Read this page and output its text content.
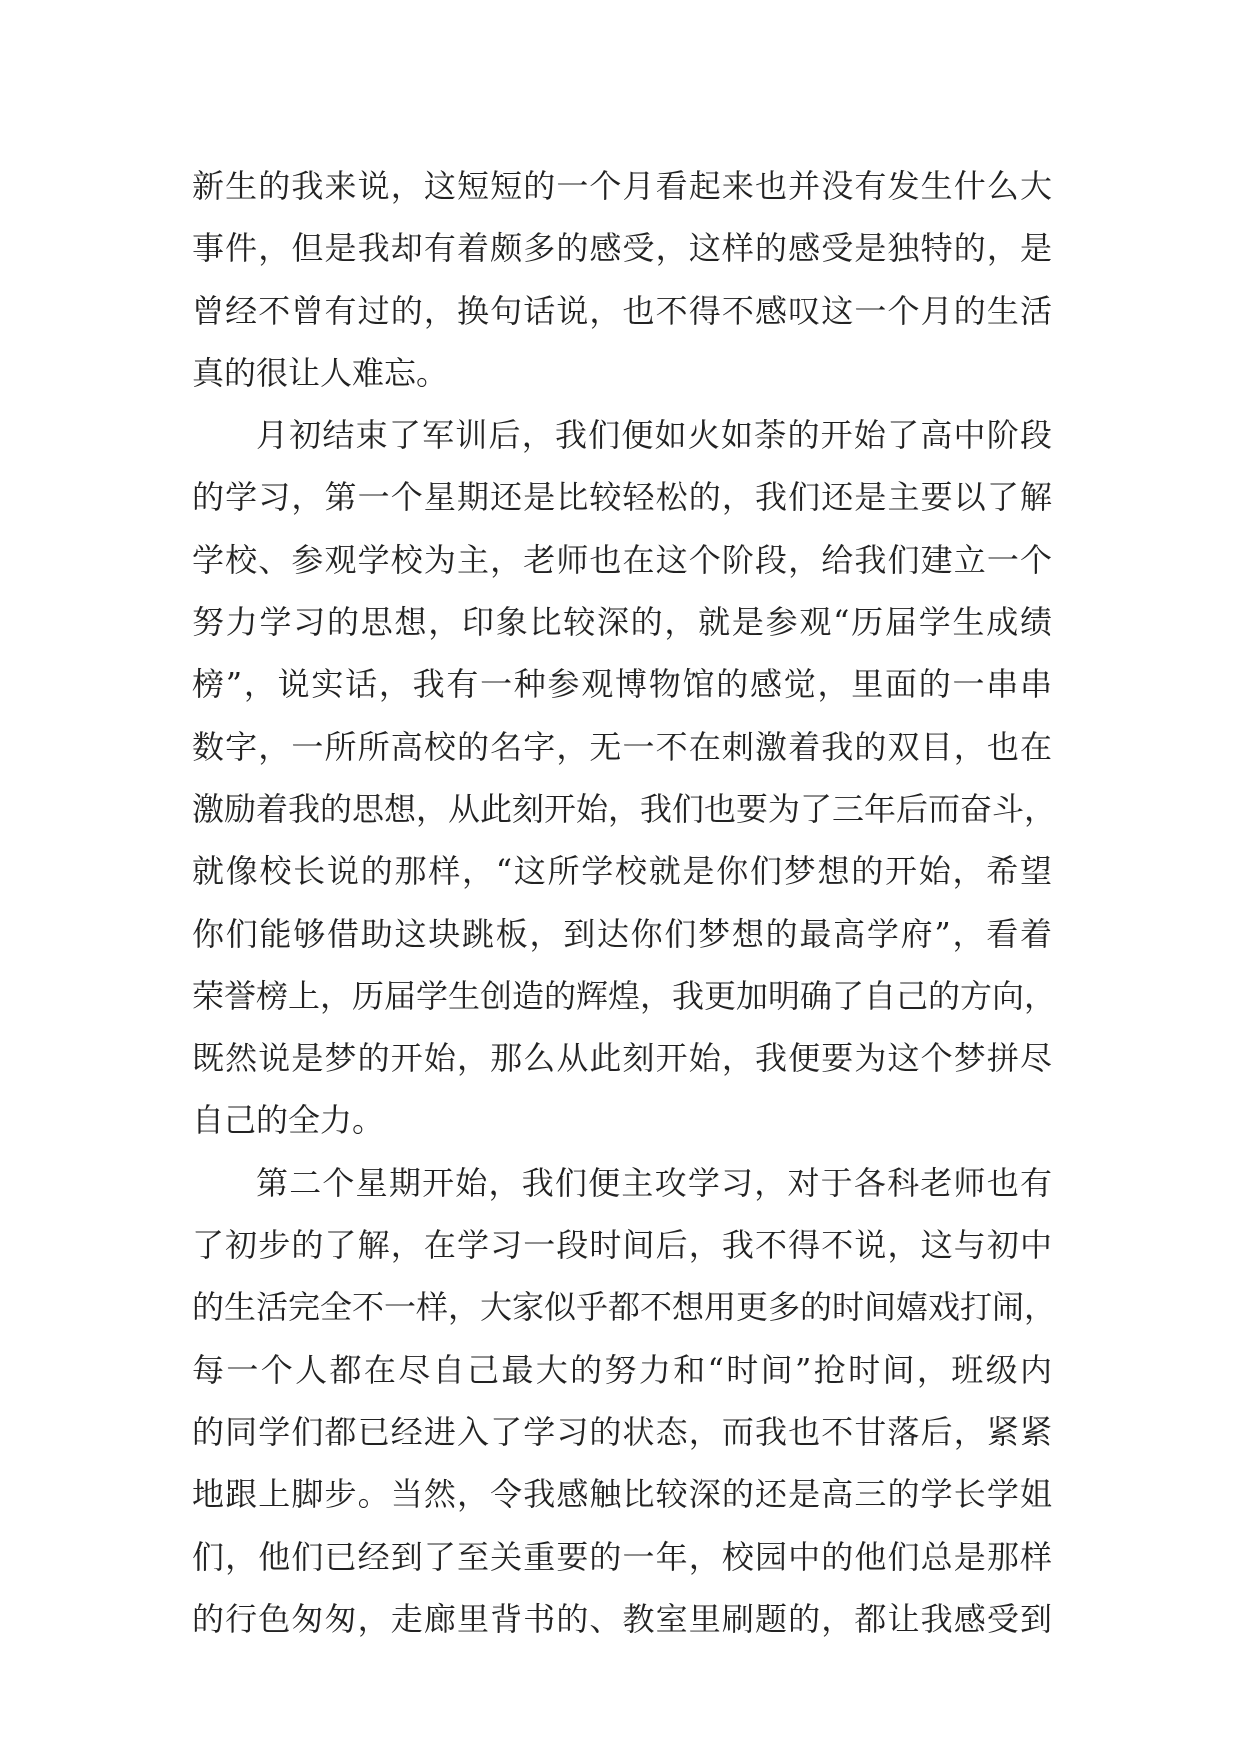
新生的我来说，这短短的一个月看起来也并没有发生什么大
事件，但是我却有着颇多的感受，这样的感受是独特的，是
曾经不曾有过的，换句话说，也不得不感叹这一个月的生活
真的很让人难忘。
月初结束了军训后，我们便如火如荼的开始了高中阶段
的学习，第一个星期还是比较轻松的，我们还是主要以了解
学校、参观学校为主，老师也在这个阶段，给我们建立一个
努力学习的思想，印象比较深的，就是参观“历届学生成绩
榜”，说实话，我有一种参观博物馆的感觉，里面的一串串
数字，一所所高校的名字，无一不在刺激着我的双目，也在
激励着我的思想，从此刻开始，我们也要为了三年后而奋斗，
就像校长说的那样，“这所学校就是你们梦想的开始，希望
你们能够借助这块跳板，到达你们梦想的最高学府”，看着
荣誉榜上，历届学生创造的辉煌，我更加明确了自己的方向，
既然说是梦的开始，那么从此刻开始，我便要为这个梦拼尽
自己的全力。
第二个星期开始，我们便主攻学习，对于各科老师也有
了初步的了解，在学习一段时间后，我不得不说，这与初中
的生活完全不一样，大家似乎都不想用更多的时间嬉戏打闹，
每一个人都在尽自己最大的努力和“时间”抢时间，班级内
的同学们都已经进入了学习的状态，而我也不甘落后，紧紧
地跟上脚步。当然，令我感触比较深的还是高三的学长学姐
们，他们已经到了至关重要的一年，校园中的他们总是那样
的行色匆匆，走廊里背书的、教室里刷题的，都让我感受到
